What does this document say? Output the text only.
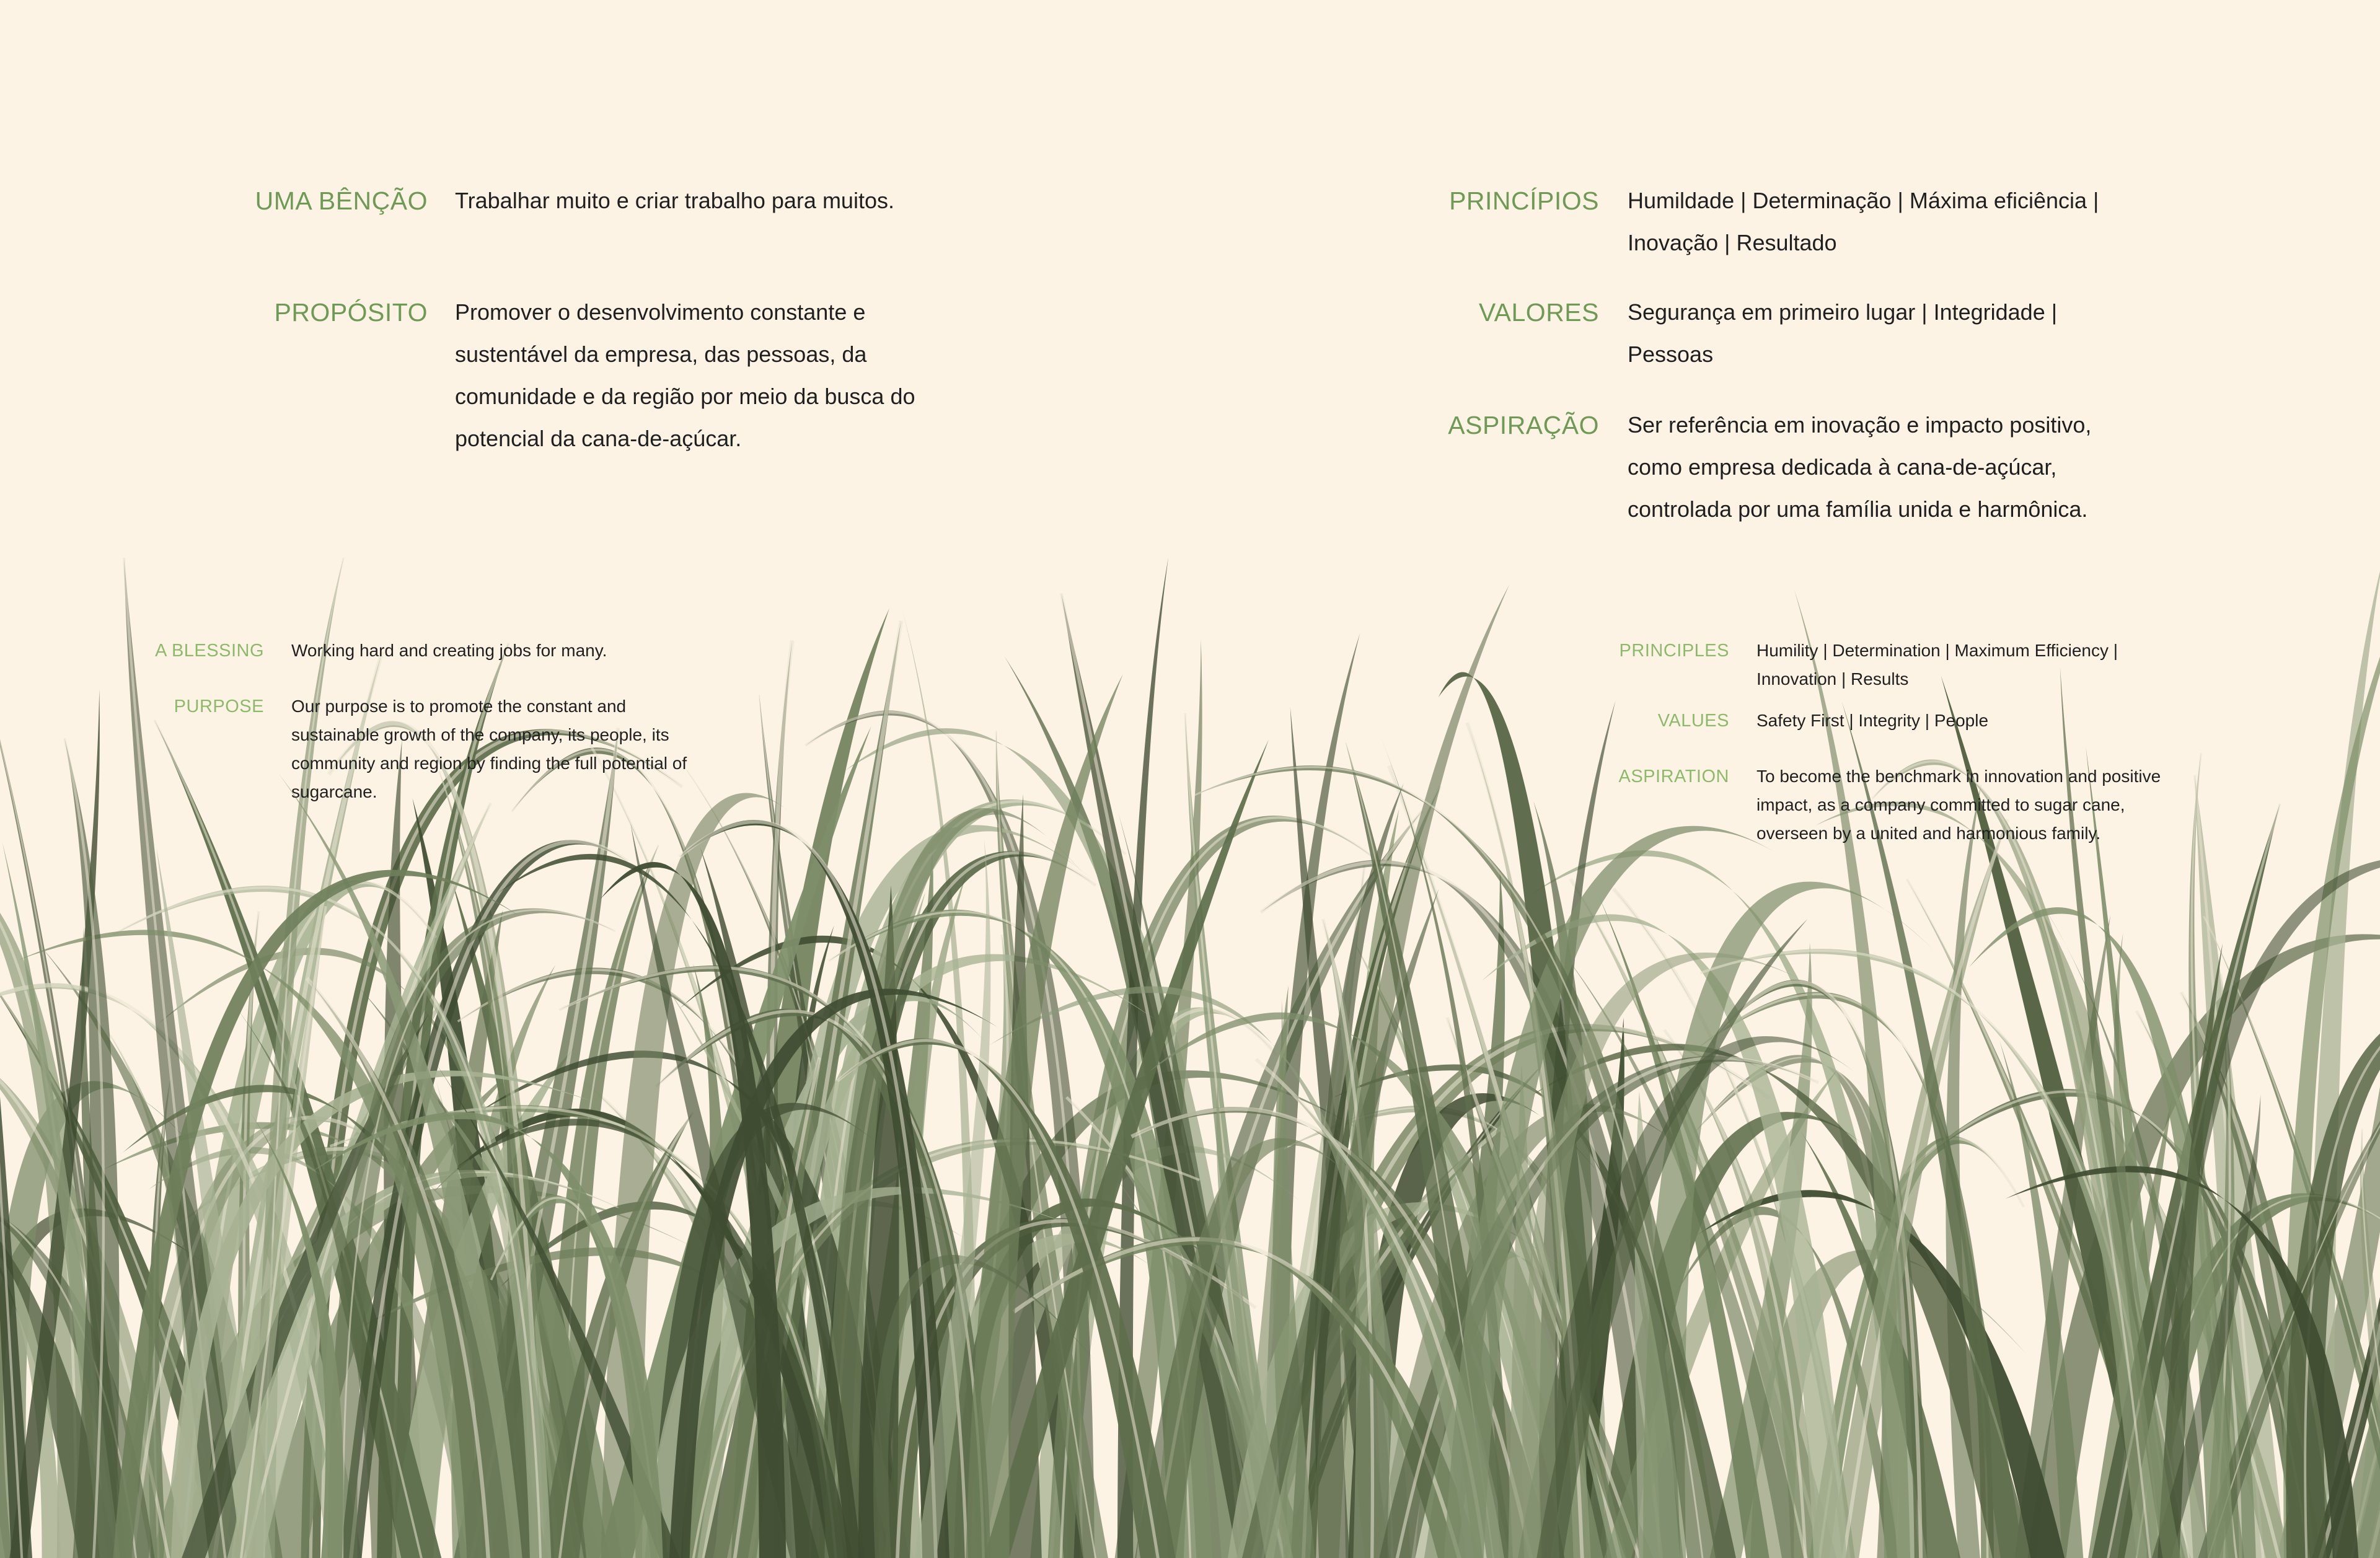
UMA BÊNÇÃO Trabalhar muito e criar trabalho para muitos.
PROPÓSITO Promover o desenvolvimento constante e
sustentável da empresa, das pessoas, da
comunidade e da região por meio da busca do
potencial da cana-de-açúcar.
PRINCÍPIOS Humildade | Determinação | Máxima eficiência |
Inovação | Resultado
VALORES Segurança em primeiro lugar | Integridade |
Pessoas
ASPIRAÇÃO Ser referência em inovação e impacto positivo,
como empresa dedicada à cana-de-açúcar,
controlada por uma família unida e harmônica.
A BLESSING Working hard and creating jobs for many.
PURPOSE Our purpose is to promote the constant and
sustainable growth of the company, its people, its
community and region by finding the full potential of
sugarcane.
PRINCIPLES Humility | Determination | Maximum Efficiency |
Innovation | Results
VALUES Safety First | Integrity | People
ASPIRATION To become the benchmark in innovation and positive
impact, as a company committed to sugar cane,
overseen by a united and harmonious family.
